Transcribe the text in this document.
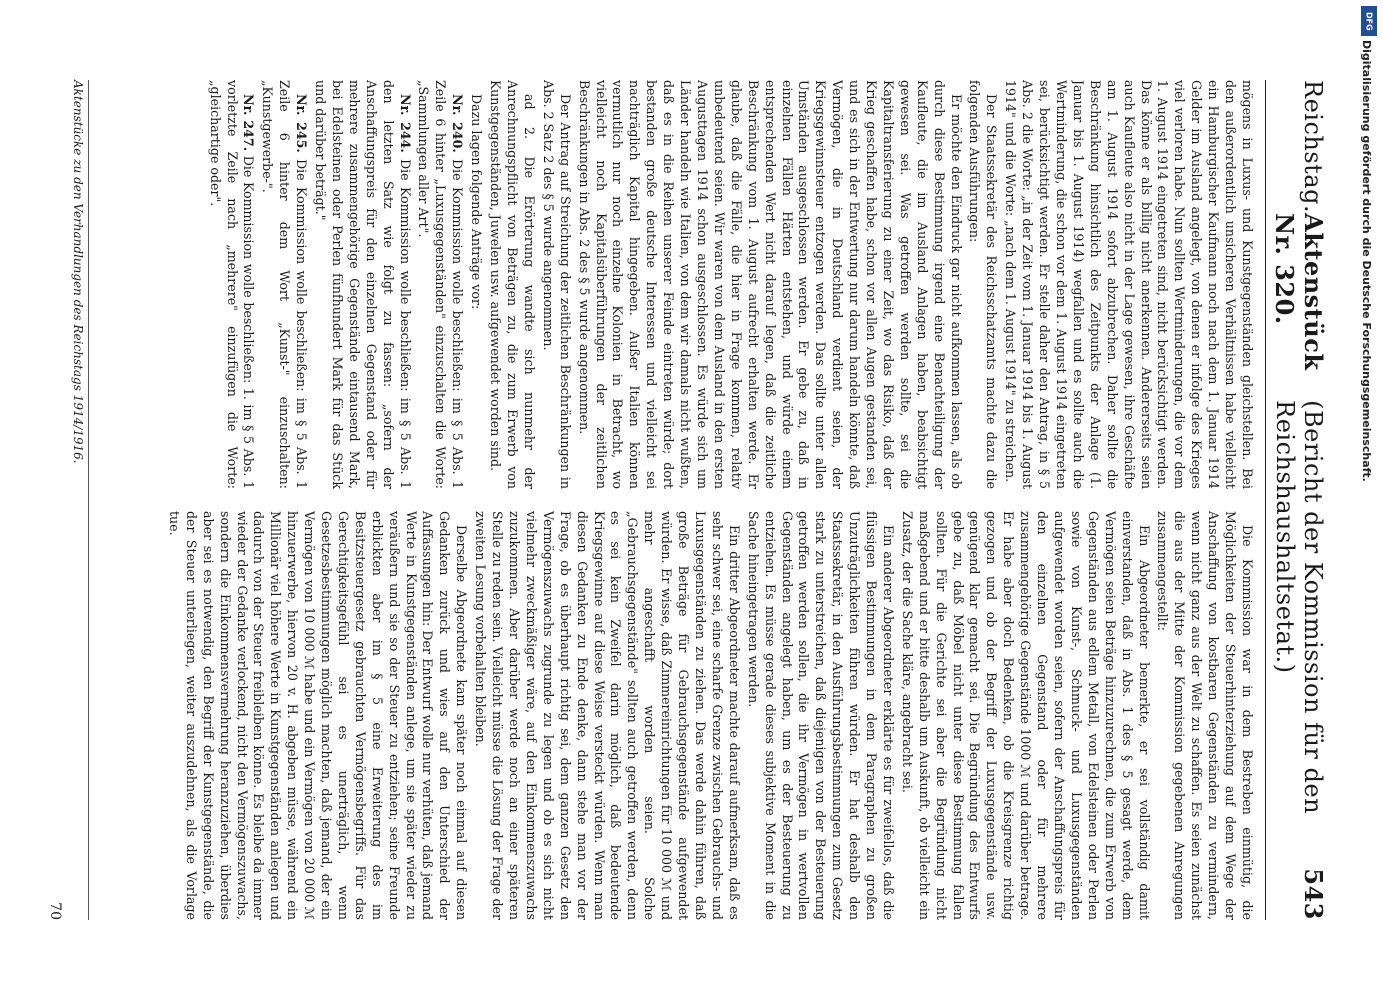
Reichstag.
Aktenstück Nr. 320.
(Bericht der Kommission für den Reichshaushaltsetat.)
543

mögens in Luxus- und Kunstgegenständen gleichstellen. Bei den außerordentlich unsicheren Verhältnissen habe vielleicht ein Hamburgischer Kaufmann noch nach dem 1. Januar 1914 Gelder im Ausland angelegt, von denen er infolge des Krieges viel verloren habe. Nun sollten Wertminderungen, die vor dem 1. August 1914 eingetreten sind, nicht berücksichtigt werden. Das könne er als billig nicht anerkennen. Andererseits seien auch Kaufleute also nicht in der Lage gewesen, ihre Geschäfte am 1. August 1914 sofort abzubrechen. Daher sollte die Beschränkung hinsichtlich des Zeitpunkts der Anlage (1. Januar bis 1. August 1914) wegfallen und es sollte auch die Wertminderung, die schon vor dem 1. August 1914 eingetreten sei, berücksichtigt werden. Er stelle daher den Antrag, in § 5 Abs. 2 die Worte: „in der Zeit vom 1. Januar 1914 bis 1. August 1914" und die Worte: „nach dem 1. August 1914" zu streichen.

Der Staatssekretär des Reichsschatzamts machte dazu die folgenden Ausführungen:

Er möchte den Eindruck gar nicht aufkommen lassen, als ob durch diese Bestimmung irgend eine Benachteiligung der Kaufleute, die im Ausland Anlagen haben, beabsichtigt gewesen sei. Was getroffen werden sollte, sei die Kapitaltransferierung zu einer Zeit, wo das Risiko, daß der Krieg geschaffen habe, schon vor allen Augen gestanden sei, und es sich in der Entwertung nur darum handeln könnte, daß Vermögen, die in Deutschland verdient seien, der Kriegsgewinnsteuer entzogen werden. Das sollte unter allen Umständen ausgeschlossen werden. Er gebe zu, daß in einzelnen Fällen Härten entstehen, und würde einem entsprechenden Wert nicht darauf legen, daß die zeitliche Beschränkung vom 1. August aufrecht erhalten werde. Er glaube, daß die Fälle, die hier in Frage kommen, relativ unbedeutend seien. Wir waren von dem Ausland in den ersten Augusttagen 1914 schon ausgeschlossen. Es würde sich um Länder handeln wie Italien, von dem wir damals nicht wußten, daß es in die Reihen unserer Feinde eintreten würde; dort bestanden große deutsche Interessen und vielleicht sei nachträglich Kapital hingegeben. Außer Italien können vermutlich nur noch einzelne Kolonien in Betracht, wo vielleicht noch Kapitalsüberführungen der zeitlichen Beschränkungen in Abs. 2 des § 5 wurde angenommen.

Der Antrag auf Streichung der zeitlichen Beschränkungen in Abs. 2 Satz 2 des § 5 wurde angenommen.

ad 2. Die Erörterung wandte sich nunmehr der Anrechnungspflicht von Beträgen zu, die zum Erwerb von Kunstgegenständen, Juwelen usw. aufgewendet worden sind.

Dazu lagen folgende Anträge vor:

Nr. 240. Die Kommission wolle beschließen: im § 5 Abs. 1 Zeile 6 hinter „Luxusgegenständen" einzuschalten die Worte: „Sammlungen aller Art".

Nr. 244. Die Kommission wolle beschließen: im § 5 Abs. 1 den letzten Satz wie folgt zu fassen: „sofern der Anschaffungspreis für den einzelnen Gegenstand oder für mehrere zusammengehörige Gegenstände eintausend Mark, bei Edelsteinen oder Perlen fünfhundert Mark für das Stück und darüber beträgt."

Nr. 245. Die Kommission wolle beschließen: im § 5 Abs. 1 Zeile 6 hinter dem Wort „Kunst-" einzuschalten: „Kunstgewerbe-".

Nr. 247. Die Kommission wolle beschließen: 1. im § 5 Abs. 1 vorletzte Zeile nach „mehrere" einzufügen die Worte: „gleichartige oder".

Die Kommission war in dem Bestreben einmütig, die Möglichkeiten der Steuerhinterziehung auf dem Wege der Anschaffung von kostbaren Gegenständen zu vermindern, wenn nicht ganz aus der Welt zu schaffen. Es seien zunächst die aus der Mitte der Kommission gegebenen Anregungen zusammengestellt:

Ein Abgeordneter bemerkte, er sei vollständig damit einverstanden, daß in Abs. 1 des § 5 gesagt werde, dem Vermögen seien Beträge hinzuzurechnen, die zum Erwerb von Gegenständen aus edlem Metall, von Edelsteinen oder Perlen sowie von Kunst-, Schmuck- und Luxusgegenständen aufgewendet worden seien, sofern der Anschaffungspreis für den einzelnen Gegenstand oder für mehrere zusammengehörige Gegenstände 1000 ℳ und darüber betrage. Er habe aber doch Bedenken, ob die Kreisgrenze richtig gezogen und ob der Begriff der Luxusgegenstände usw. genügend klar gemacht sei. Die Begründung des Entwurfs gebe zu, daß Möbel nicht unter diese Bestimmung fallen sollten. Für die Gerichte sei aber die Begründung nicht maßgebend und er bitte deshalb um Auskunft, ob vielleicht ein Zusatz, der die Sache kläre, angebracht sei.

Ein anderer Abgeordneter erklärte es für zweifellos, daß die flüssigen Bestimmungen in dem Paragraphen zu großen Unzuträglichkeiten führen würden. Er hat deshalb den Staatssekretär, in den Ausführungsbestimmungen zum Gesetz stark zu unterstreichen, daß diejenigen von der Besteuerung getroffen werden sollen, die ihr Vermögen in wertvollen Gegenständen angelegt haben, um es der Besteuerung zu entziehen. Es müsse gerade dieses subjektive Moment in die Sache hineingetragen werden.

Ein dritter Abgeordneter machte darauf aufmerksam, daß es sehr schwer sei, eine scharfe Grenze zwischen Gebrauchs- und Luxusgegenständen zu ziehen. Das werde dahin führen, daß große Beträge für Gebrauchsgegenstände aufgewendet würden. Er wisse, daß Zimmereinrichtungen für 10 000 ℳ und mehr angeschafft worden seien. Solche „Gebrauchsgegenstände" sollten auch getroffen werden, denn es sei kein Zweifel darin möglich, daß bedeutende Kriegsgewinne auf diese Weise versteckt würden. Wenn man diesen Gedanken zu Ende denke, dann stehe man vor der Frage, ob es überhaupt richtig sei, dem ganzen Gesetz den Vermögenszuwachs zugrunde zu legen und ob es sich nicht vielmehr zweckmäßiger wäre, auf den Einkommenszuwachs zuzukommen. Aber darüber werde noch an einer späteren Stelle zu reden sein. Vielleicht müsse die Lösung der Frage der zweiten Lesung vorbehalten bleiben.

Derselbe Abgeordnete kam später noch einmal auf diesen Gedanken zurück und wies auf den Unterschied der Auffassungen hin: Der Entwurf wolle nur verhüten, daß jemand Werte in Kunstgegenständen anlege, um sie später wieder zu veräußern und sie so der Steuer zu entziehen; seine Freunde erblickten aber im § 5 eine Erweiterung des im Besitzsteuergesetz gebrauchten Vermögensbegriffs. Für das Gerechtigkeitsgefühl sei es unerträglich, wenn Gesetzesbestimmungen möglich machten, daß jemand, der ein Vermögen von 10 000 ℳ habe und ein Vermögen von 20 000 ℳ hinzuerwerbe, hiervon 20 v. H. abgeben müsse, während ein Millionär viel höhere Werte in Kunstgegenständen anlegen und dadurch von der Steuer freibleiben könne. Es bleibe da immer wieder der Gedanke verlockend, nicht den Vermögenszuwachs, sondern die Einkommensvermehrung heranzuziehen, überdies aber sei es notwendig, den Begriff der Kunstgegenstände, die der Steuer unterliegen, weiter auszudehnen, als die Vorlage tue.

Aktenstücke zu den Verhandlungen des Reichstags 1914/1916.
70
Digitalisierung gefördert durch die Deutsche Forschungsgemeinschaft.
DFG
